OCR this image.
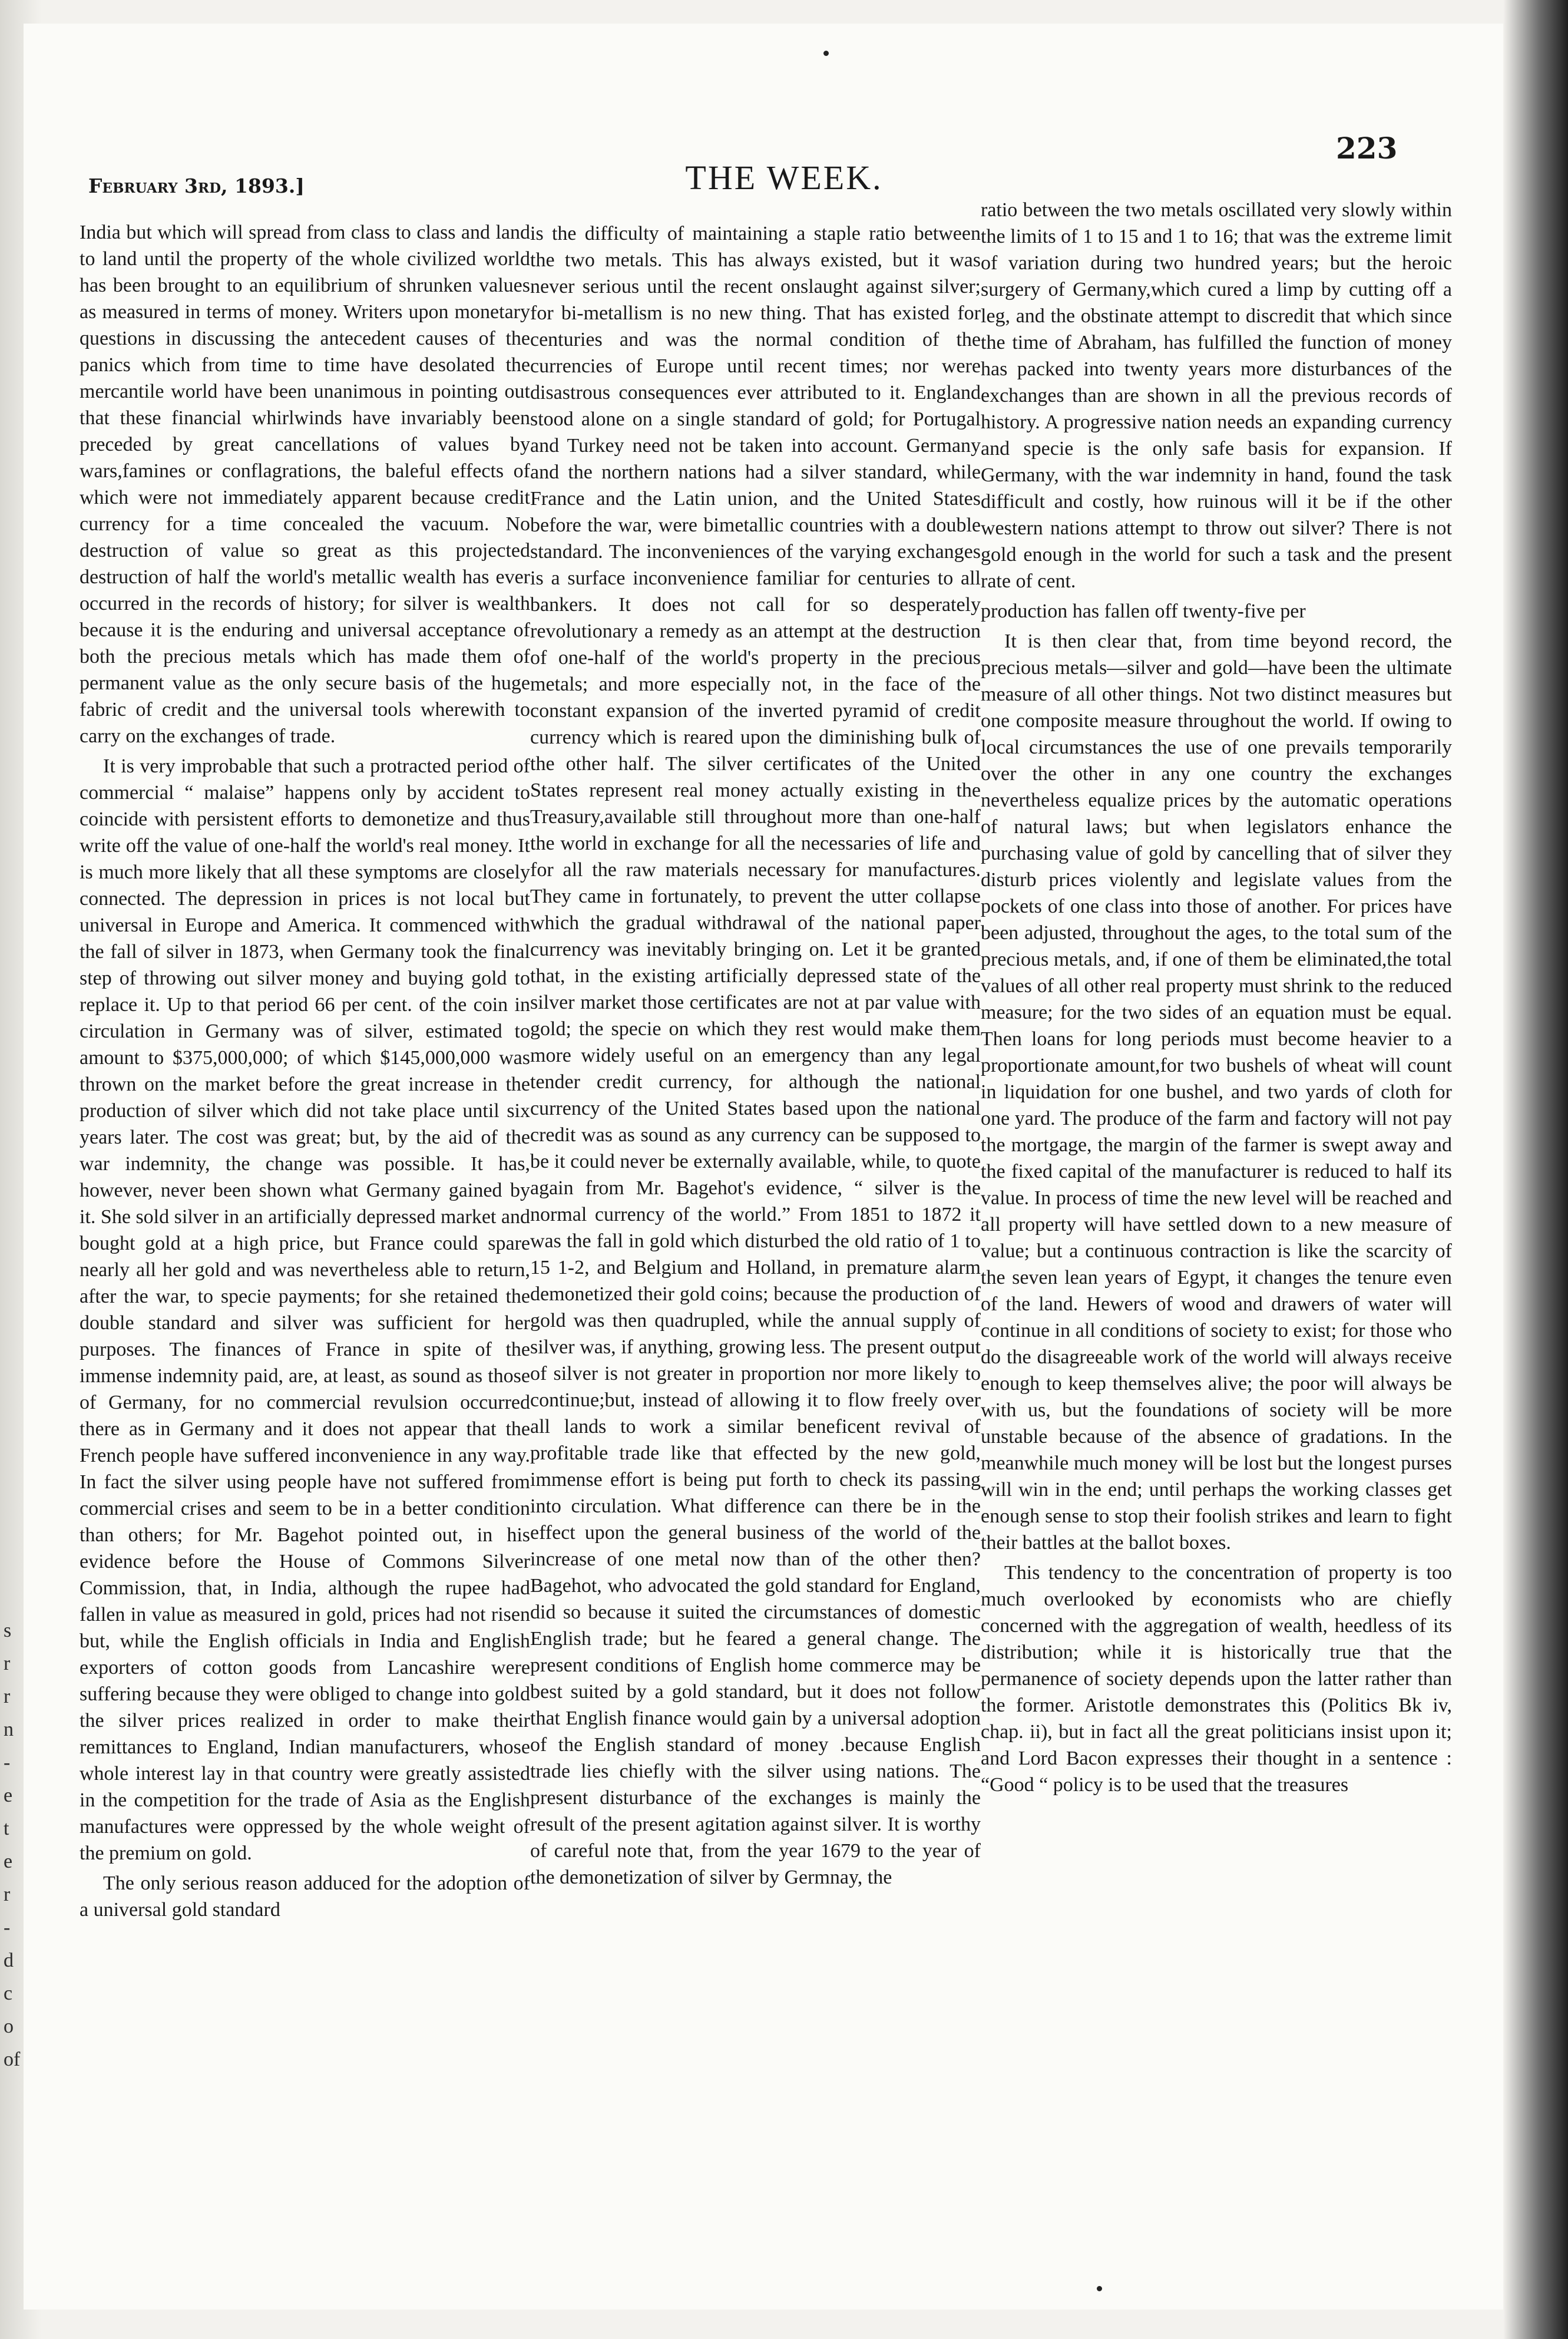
February 3rd, 1893.]	THE WEEK.
223
s
r
r
n
-
e
t
e
r
-
d
c
o
of

India but which will spread from class to class and land to land until the property of the whole civilized world has been brought to an equilibrium of shrunken values as measured in terms of money. Writers upon monetary questions in discussing the antecedent causes of the panics which from time to time have desolated the mercantile world have been unanimous in pointing out that these financial whirlwinds have invariably been preceded by great cancellations of values by wars,famines or conflagrations, the baleful effects of which were not immediately apparent because credit currency for a time concealed the vacuum. No destruction of value so great as this projected destruction of half the world's metallic wealth has ever occurred in the records of history; for silver is wealth because it is the enduring and universal acceptance of both the precious metals which has made them of permanent value as the only secure basis of the huge fabric of credit and the universal tools wherewith to carry on the exchanges of trade.

It is very improbable that such a protracted period of commercial “ malaise” happens only by accident to coincide with persistent efforts to demonetize and thus write off the value of one-half the world's real money. It is much more likely that all these symptoms are closely connected. The depression in prices is not local but universal in Europe and America. It commenced with the fall of silver in 1873, when Germany took the final step of throwing out silver money and buying gold to replace it. Up to that period 66 per cent. of the coin in circulation in Germany was of silver, estimated to amount to $375,000,000; of which $145,000,000 was thrown on the market before the great increase in the production of silver which did not take place until six years later. The cost was great; but, by the aid of the war indemnity, the change was possible. It has, however, never been shown what Germany gained by it. She sold silver in an artificially depressed market and bought gold at a high price, but France could spare nearly all her gold and was nevertheless able to return, after the war, to specie payments; for she retained the double standard and silver was sufficient for her purposes. The finances of France in spite of the immense indemnity paid, are, at least, as sound as those of Germany, for no commercial revulsion occurred there as in Germany and it does not appear that the French people have suffered inconvenience in any way. In fact the silver using people have not suffered from commercial crises and seem to be in a better condition than others; for Mr. Bagehot pointed out, in his evidence before the House of Commons Silver Commission, that, in India, although the rupee had fallen in value as measured in gold, prices had not risen but, while the English officials in India and English exporters of cotton goods from Lancashire were suffering because they were obliged to change into gold the silver prices realized in order to make their remittances to England, Indian manufacturers, whose whole interest lay in that country were greatly assisted in the competition for the trade of Asia as the English manufactures were oppressed by the whole weight of the premium on gold.

The only serious reason adduced for the adoption of a universal gold standard

is the difficulty of maintaining a staple ratio between the two metals. This has always existed, but it was never serious until the recent onslaught against silver; for bi-metallism is no new thing. That has existed for centuries and was the normal condition of the currencies of Europe until recent times; nor were disastrous consequences ever attributed to it. England stood alone on a single standard of gold; for Portugal and Turkey need not be taken into account. Germany and the northern nations had a silver standard, while France and the Latin union, and the United States before the war, were bimetallic countries with a double standard. The inconveniences of the varying exchanges is a surface inconvenience familiar for centuries to all bankers. It does not call for so desperately revolutionary a remedy as an attempt at the destruction of one-half of the world's property in the precious metals; and more especially not, in the face of the constant expansion of the inverted pyramid of credit currency which is reared upon the diminishing bulk of the other half. The silver certificates of the United States represent real money actually existing in the Treasury,available still throughout more than one-half the world in exchange for all the necessaries of life and for all the raw materials necessary for manufactures. They came in fortunately, to prevent the utter collapse which the gradual withdrawal of the national paper currency was inevitably bringing on. Let it be granted that, in the existing artificially depressed state of the silver market those certificates are not at par value with gold; the specie on which they rest would make them more widely useful on an emergency than any legal tender credit currency, for although the national currency of the United States based upon the national credit was as sound as any currency can be supposed to be it could never be externally available, while, to quote again from Mr. Bagehot's evidence, “ silver is the normal currency of the world.” From 1851 to 1872 it was the fall in gold which disturbed the old ratio of 1 to 15 1-2, and Belgium and Holland, in premature alarm demonetized their gold coins; because the production of gold was then quadrupled, while the annual supply of silver was, if anything, growing less. The present output of silver is not greater in proportion nor more likely to continue;but, instead of allowing it to flow freely over all lands to work a similar beneficent revival of profitable trade like that effected by the new gold, immense effort is being put forth to check its passing into circulation. What difference can there be in the effect upon the general business of the world of the increase of one metal now than of the other then? Bagehot, who advocated the gold standard for England, did so because it suited the circumstances of domestic English trade; but he feared a general change. The present conditions of English home commerce may be best suited by a gold standard, but it does not follow that English finance would gain by a universal adoption of the English standard of money .because English trade lies chiefly with the silver using nations. The present disturbance of the exchanges is mainly the result of the present agitation against silver. It is worthy of careful note that, from the year 1679 to the year of the demonetization of silver by Germnay, the

ratio between the two metals oscillated very slowly within the limits of 1 to 15 and 1 to 16; that was the extreme limit of variation during two hundred years; but the heroic surgery of Germany,which cured a limp by cutting off a leg, and the obstinate attempt to discredit that which since the time of Abraham, has fulfilled the function of money has packed into twenty years more disturbances of the exchanges than are shown in all the previous records of history. A progressive nation needs an expanding currency and specie is the only safe basis for expansion. If Germany, with the war indemnity in hand, found the task difficult and costly, how ruinous will it be if the other western nations attempt to throw out silver? There is not gold enough in the world for such a task and the present rate of cent.

production has fallen off twenty-five per

It is then clear that, from time beyond record, the precious metals—silver and gold—have been the ultimate measure of all other things. Not two distinct measures but one composite measure throughout the world. If owing to local circumstances the use of one prevails temporarily over the other in any one country the exchanges nevertheless equalize prices by the automatic operations of natural laws; but when legislators enhance the purchasing value of gold by cancelling that of silver they disturb prices violently and legislate values from the pockets of one class into those of another. For prices have been adjusted, throughout the ages, to the total sum of the precious metals, and, if one of them be eliminated,the total values of all other real property must shrink to the reduced measure; for the two sides of an equation must be equal. Then loans for long periods must become heavier to a proportionate amount,for two bushels of wheat will count in liquidation for one bushel, and two yards of cloth for one yard. The produce of the farm and factory will not pay the mortgage, the margin of the farmer is swept away and the fixed capital of the manufacturer is reduced to half its value. In process of time the new level will be reached and all property will have settled down to a new measure of value; but a continuous contraction is like the scarcity of the seven lean years of Egypt, it changes the tenure even of the land. Hewers of wood and drawers of water will continue in all conditions of society to exist; for those who do the disagreeable work of the world will always receive enough to keep themselves alive; the poor will always be with us, but the foundations of society will be more unstable because of the absence of gradations. In the meanwhile much money will be lost but the longest purses will win in the end; until perhaps the working classes get enough sense to stop their foolish strikes and learn to fight their battles at the ballot boxes.

This tendency to the concentration of property is too much overlooked by economists who are chiefly concerned with the aggregation of wealth, heedless of its distribution; while it is historically true that the permanence of society depends upon the latter rather than the former. Aristotle demonstrates this (Politics Bk iv, chap. ii), but in fact all the great politicians insist upon it; and Lord Bacon expresses their thought in a sentence : “Good “ policy is to be used that the treasures
